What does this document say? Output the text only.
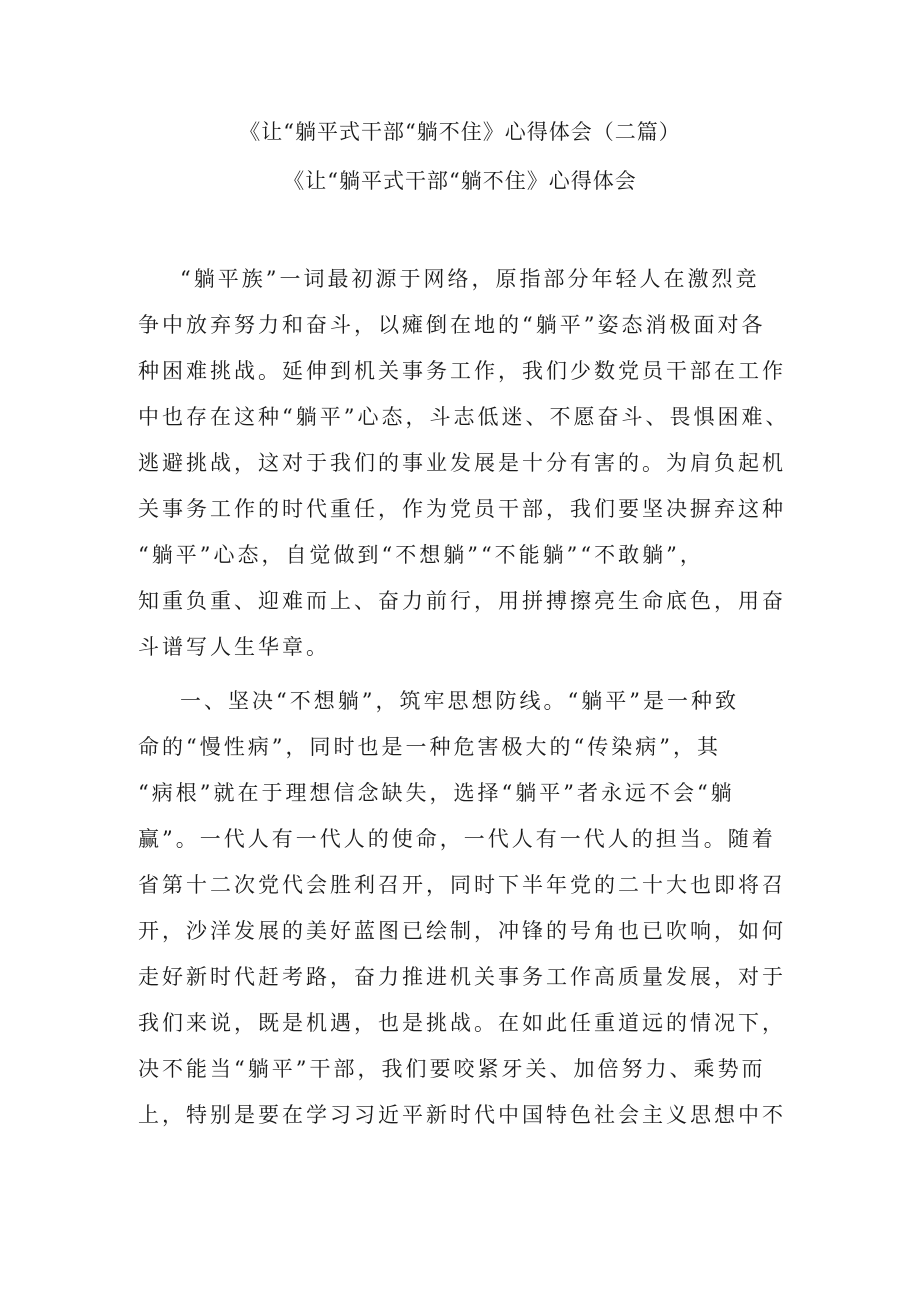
《让“躺平式干部“躺不住》心得体会（二篇）
《让“躺平式干部“躺不住》心得体会
“躺平族”一词最初源于网络，原指部分年轻人在激烈竞
争中放弃努力和奋斗，以瘫倒在地的“躺平”姿态消极面对各
种困难挑战。延伸到机关事务工作，我们少数党员干部在工作
中也存在这种“躺平”心态，斗志低迷、不愿奋斗、畏惧困难、
逃避挑战，这对于我们的事业发展是十分有害的。为肩负起机
关事务工作的时代重任，作为党员干部，我们要坚决摒弃这种
“躺平”心态，自觉做到“不想躺”“不能躺”“不敢躺”，
知重负重、迎难而上、奋力前行，用拼搏擦亮生命底色，用奋
斗谱写人生华章。
一、坚决“不想躺”，筑牢思想防线。“躺平”是一种致
命的“慢性病”，同时也是一种危害极大的“传染病”，其
“病根”就在于理想信念缺失，选择“躺平”者永远不会“躺
赢”。一代人有一代人的使命，一代人有一代人的担当。随着
省第十二次党代会胜利召开，同时下半年党的二十大也即将召
开，沙洋发展的美好蓝图已绘制，冲锋的号角也已吹响，如何
走好新时代赶考路，奋力推进机关事务工作高质量发展，对于
我们来说，既是机遇，也是挑战。在如此任重道远的情况下，
决不能当“躺平”干部，我们要咬紧牙关、加倍努力、乘势而
上，特别是要在学习习近平新时代中国特色社会主义思想中不
